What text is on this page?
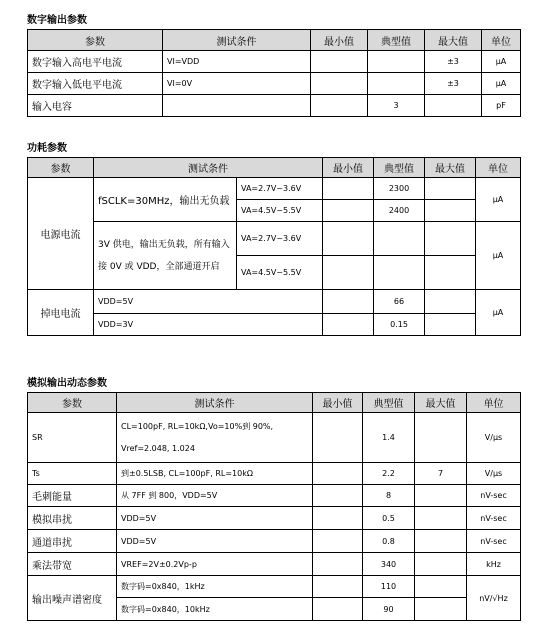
数字输出参数
参数	测试条件	最小值	典型值	最大值	单位
数字输入高电平电流	VI=VDD			±3	μA
数字输入低电平电流	VI=0V			±3	μA
输入电容			3		pF
功耗参数
参数	测试条件		最小值	典型值	最大值	单位
电源电流	fSCLK=30MHz，输出无负载	VA=2.7V~3.6V		2300		μA
		VA=4.5V~5.5V		2400		
	3V 供电，输出无负载，所有输入接 0V 或 VDD，全部通道开启	VA=2.7V~3.6V				μA
		VA=4.5V~5.5V				
掉电电流	VDD=5V			66		μA
	VDD=3V			0.15		
模拟输出动态参数
参数	测试条件	最小值	典型值	最大值	单位
SR	CL=100pF, RL=10kΩ,Vo=10%到 90%, Vref=2.048, 1.024		1.4		V/μs
Ts	到±0.5LSB, CL=100pF, RL=10kΩ		2.2	7	V/μs
毛刺能量	从 7FF 到 800，VDD=5V		8		nV-sec
模拟串扰	VDD=5V		0.5		nV-sec
通道串扰	VDD=5V		0.8		nV-sec
乘法带宽	VREF=2V±0.2Vp-p		340		kHz
输出噪声谱密度	数字码=0x840，1kHz		110		nV/√Hz
	数字码=0x840，10kHz		90		
